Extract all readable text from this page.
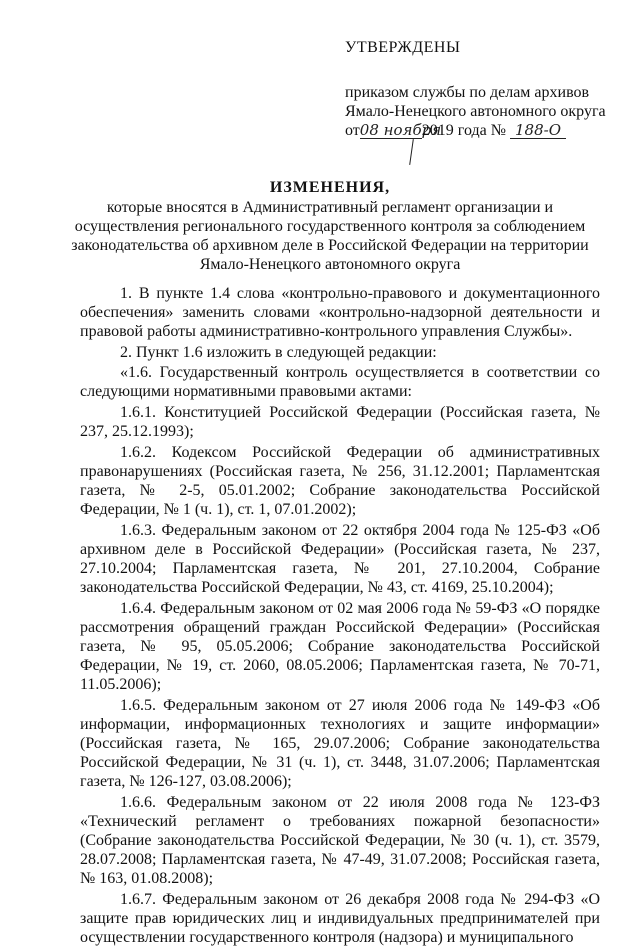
УТВЕРЖДЕНЫ

приказом службы по делам архивов

Ямало-Ненецкого автономного округа

от08 ноября2019 года № 188-О

ИЗМЕНЕНИЯ,

которые вносятся в Административный регламент организации и

осуществления регионального государственного контроля за соблюдением

законодательства об архивном деле в Российской Федерации на территории

Ямало-Ненецкого автономного округа

1. В пункте 1.4 слова «контрольно-правового и документационного обеспечения» заменить словами «контрольно-надзорной деятельности и правовой работы административно-контрольного управления Службы».

2. Пункт 1.6 изложить в следующей редакции:

«1.6. Государственный контроль осуществляется в соответствии со следующими нормативными правовыми актами:

1.6.1. Конституцией Российской Федерации (Российская газета, № 237, 25.12.1993);

1.6.2. Кодексом Российской Федерации об административных правонарушениях (Российская газета, № 256, 31.12.2001; Парламентская газета, № 2-5, 05.01.2002; Собрание законодательства Российской Федерации, № 1 (ч. 1), ст. 1, 07.01.2002);

1.6.3. Федеральным законом от 22 октября 2004 года № 125-ФЗ «Об архивном деле в Российской Федерации» (Российская газета, № 237, 27.10.2004; Парламентская газета, № 201, 27.10.2004, Собрание законодательства Российской Федерации, № 43, ст. 4169, 25.10.2004);

1.6.4. Федеральным законом от 02 мая 2006 года № 59-ФЗ «О порядке рассмотрения обращений граждан Российской Федерации» (Российская газета, № 95, 05.05.2006; Собрание законодательства Российской Федерации, № 19, ст. 2060, 08.05.2006; Парламентская газета, № 70-71, 11.05.2006);

1.6.5. Федеральным законом от 27 июля 2006 года № 149-ФЗ «Об информации, информационных технологиях и защите информации» (Российская газета, № 165, 29.07.2006; Собрание законодательства Российской Федерации, № 31 (ч. 1), ст. 3448, 31.07.2006; Парламентская газета, № 126-127, 03.08.2006);

1.6.6. Федеральным законом от 22 июля 2008 года № 123-ФЗ «Технический регламент о требованиях пожарной безопасности» (Собрание законодательства Российской Федерации, № 30 (ч. 1), ст. 3579, 28.07.2008; Парламентская газета, № 47-49, 31.07.2008; Российская газета, № 163, 01.08.2008);

1.6.7. Федеральным законом от 26 декабря 2008 года № 294-ФЗ «О защите прав юридических лиц и индивидуальных предпринимателей при осуществлении государственного контроля (надзора) и муниципального
